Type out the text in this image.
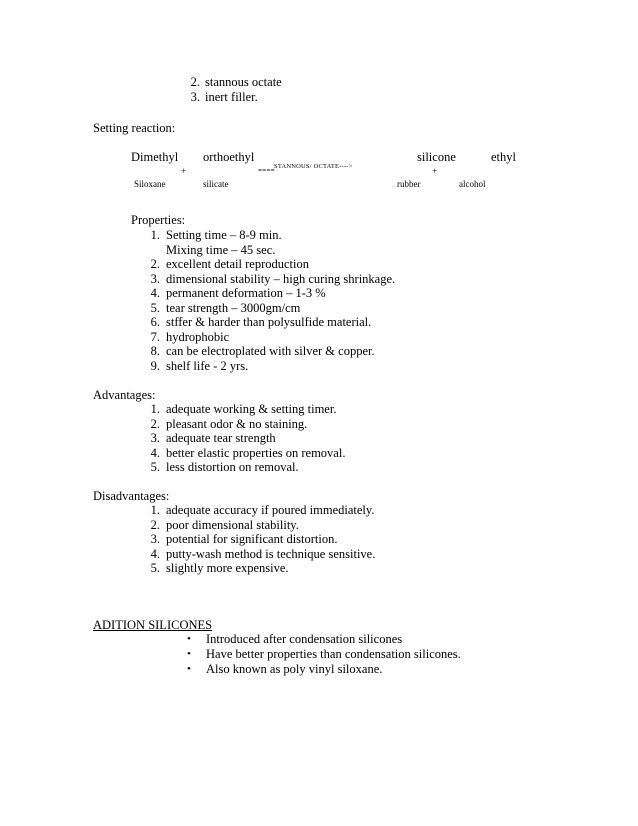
2. stannous octate
3. inert filler.
Setting reaction:
Dimethyl orthoethyl	silicone	ethyl
+	---- STANNOUS/ OCTATE---->	+
Siloxane	silicate	rubber	alcohol
Properties:
1. Setting time – 8-9 min.
Mixing time – 45 sec.
2. excellent detail reproduction
3. dimensional stability – high curing shrinkage.
4. permanent deformation – 1-3 %
5. tear strength – 3000gm/cm
6. stffer & harder than polysulfide material.
7. hydrophobic
8. can be electroplated with silver & copper.
9. shelf life - 2 yrs.
Advantages:
1. adequate working & setting timer.
2. pleasant odor & no staining.
3. adequate tear strength
4. better elastic properties on removal.
5. less distortion on removal.
Disadvantages:
1. adequate accuracy if poured immediately.
2. poor dimensional stability.
3. potential for significant distortion.
4. putty-wash method is technique sensitive.
5. slightly more expensive.
ADITION SILICONES
• Introduced after condensation silicones
• Have better properties than condensation silicones.
• Also known as poly vinyl siloxane.
